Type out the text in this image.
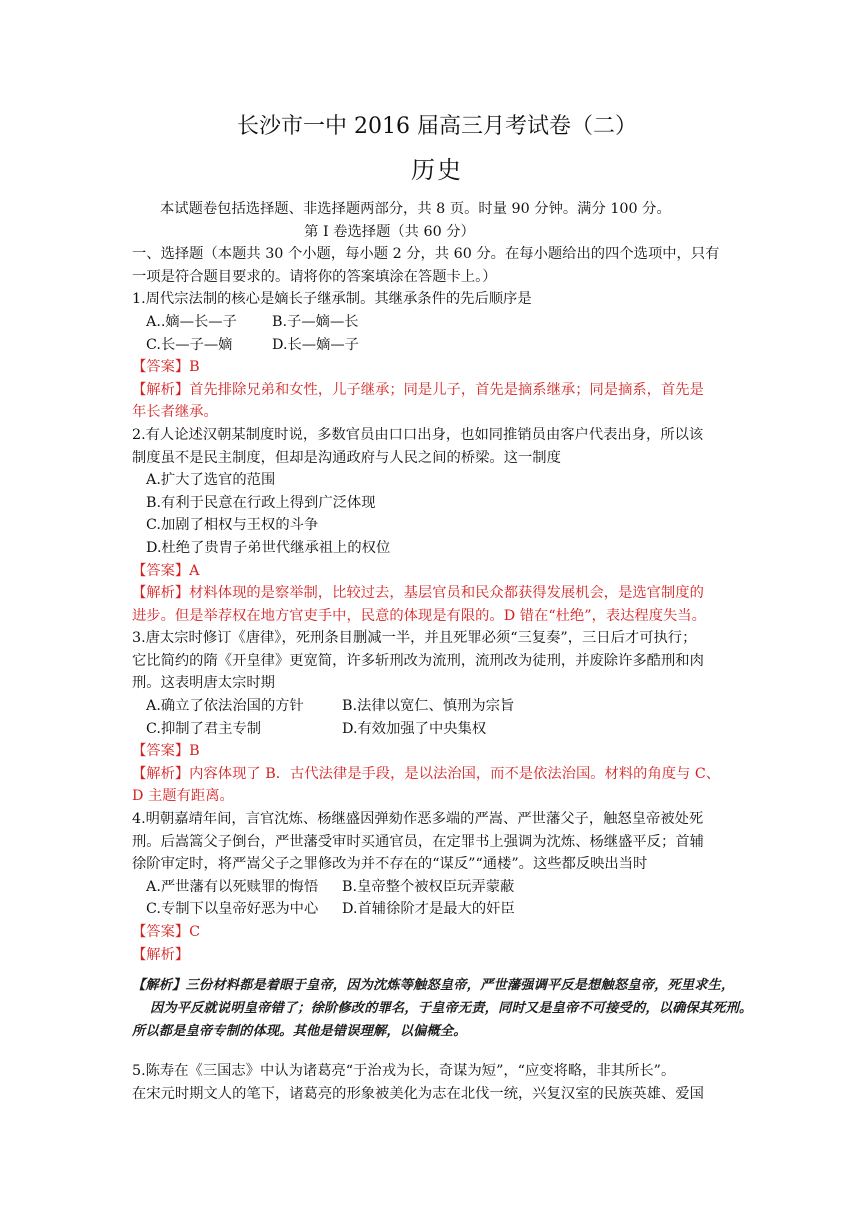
长沙市一中 2016 届高三月考试卷（二）
历史
本试题卷包括选择题、非选择题两部分，共 8 页。时量 90 分钟。满分 100 分。
第 I 卷选择题（共 60 分）
一、选择题（本题共 30 个小题，每小题 2 分，共 60 分。在每小题给出的四个选项中，只有
一项是符合题目要求的。请将你的答案填涂在答题卡上。）
1.周代宗法制的核心是嫡长子继承制。其继承条件的先后顺序是
A..嫡—长—子	B.子—嫡—长
C.长—子—嫡	D.长—嫡—子
【答案】B
【解析】首先排除兄弟和女性，儿子继承；同是儿子，首先是摘系继承；同是摘系，首先是
年长者继承。
2.有人论述汉朝某制度时说，多数官员由口口出身，也如同推销员由客户代表出身，所以该
制度虽不是民主制度，但却是沟通政府与人民之间的桥梁。这一制度
A.扩大了选官的范围
B.有利于民意在行政上得到广泛体现
C.加剧了相权与王权的斗争
D.杜绝了贵胄子弟世代继承祖上的权位
【答案】A
【解析】材料体现的是察举制，比较过去，基层官员和民众都获得发展机会，是选官制度的
进步。但是举荐权在地方官吏手中，民意的体现是有限的。D 错在“杜绝”，表达程度失当。
3.唐太宗时修订《唐律》，死刑条目删减一半，并且死罪必须“三复奏”，三日后才可执行；
它比简约的隋《开皇律》更宽简，许多斩刑改为流刑，流刑改为徒刑，并废除许多酷刑和肉
刑。这表明唐太宗时期
A.确立了依法治国的方针	B.法律以宽仁、慎刑为宗旨
C.抑制了君主专制	D.有效加强了中央集权
【答案】B
【解析】内容体现了 B．古代法律是手段，是以法治国，而不是依法治国。材料的角度与 C、
D 主题有距离。
4.明朝嘉靖年间，言官沈炼、杨继盛因弹劾作恶多端的严嵩、严世藩父子，触怒皇帝被处死
刑。后嵩篙父子倒台，严世藩受审时买通官员，在定罪书上强调为沈炼、杨继盛平反；首辅
徐阶审定时，将严嵩父子之罪修改为并不存在的“谋反”“通楼”。这些都反映出当时
A.严世藩有以死赎罪的悔悟	B.皇帝整个被权臣玩弄蒙蔽
C.专制下以皇帝好恶为中心	D.首辅徐阶才是最大的奸臣
【答案】C
【解析】
【解析】三份材料都是着眼于皇帝，因为沈炼等触怒皇帝，严世藩强调平反是想触怒皇帝，死里求生，
因为平反就说明皇帝错了；徐阶修改的罪名，于皇帝无责，同时又是皇帝不可接受的，以确保其死刑。
所以都是皇帝专制的体现。其他是错误理解，以偏概全。
5.陈寿在《三国志》中认为诸葛亮“于治戎为长，奇谋为短”，“应变将略，非其所长”。
在宋元时期文人的笔下，诸葛亮的形象被美化为志在北伐一统，兴复汉室的民族英雄、爱国
